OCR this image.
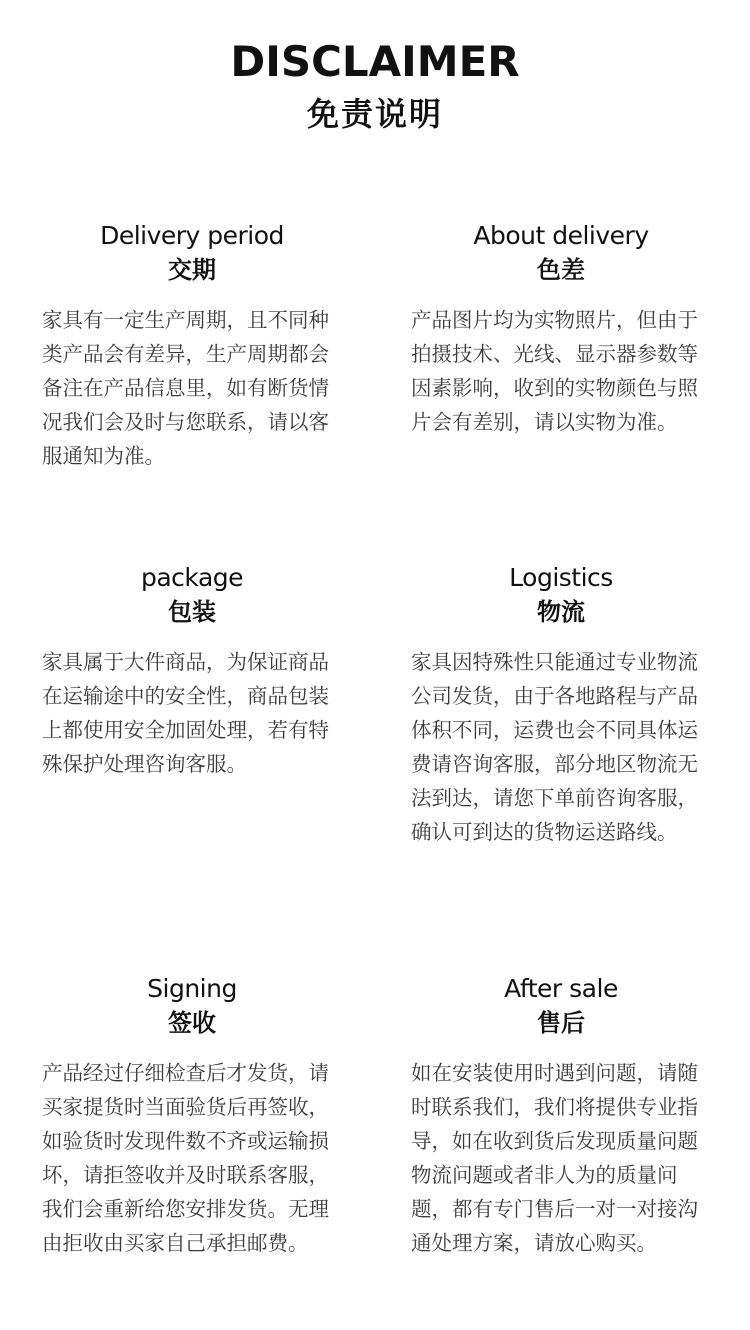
DISCLAIMER
免责说明
Delivery period
交期
家具有一定生产周期，且不同种类产品会有差异，生产周期都会备注在产品信息里，如有断货情况我们会及时与您联系，请以客服通知为准。
About delivery
色差
产品图片均为实物照片，但由于拍摄技术、光线、显示器参数等因素影响，收到的实物颜色与照片会有差别，请以实物为准。
package
包装
家具属于大件商品，为保证商品在运输途中的安全性，商品包装上都使用安全加固处理，若有特殊保护处理咨询客服。
Logistics
物流
家具因特殊性只能通过专业物流公司发货，由于各地路程与产品体积不同，运费也会不同具体运费请咨询客服，部分地区物流无法到达，请您下单前咨询客服，确认可到达的货物运送路线。
Signing
签收
产品经过仔细检查后才发货，请买家提货时当面验货后再签收，如验货时发现件数不齐或运输损坏，请拒签收并及时联系客服，我们会重新给您安排发货。无理由拒收由买家自己承担邮费。
After sale
售后
如在安装使用时遇到问题，请随时联系我们，我们将提供专业指导，如在收到货后发现质量问题 物流问题或者非人为的质量问题，都有专门售后一对一对接沟通处理方案，请放心购买。
